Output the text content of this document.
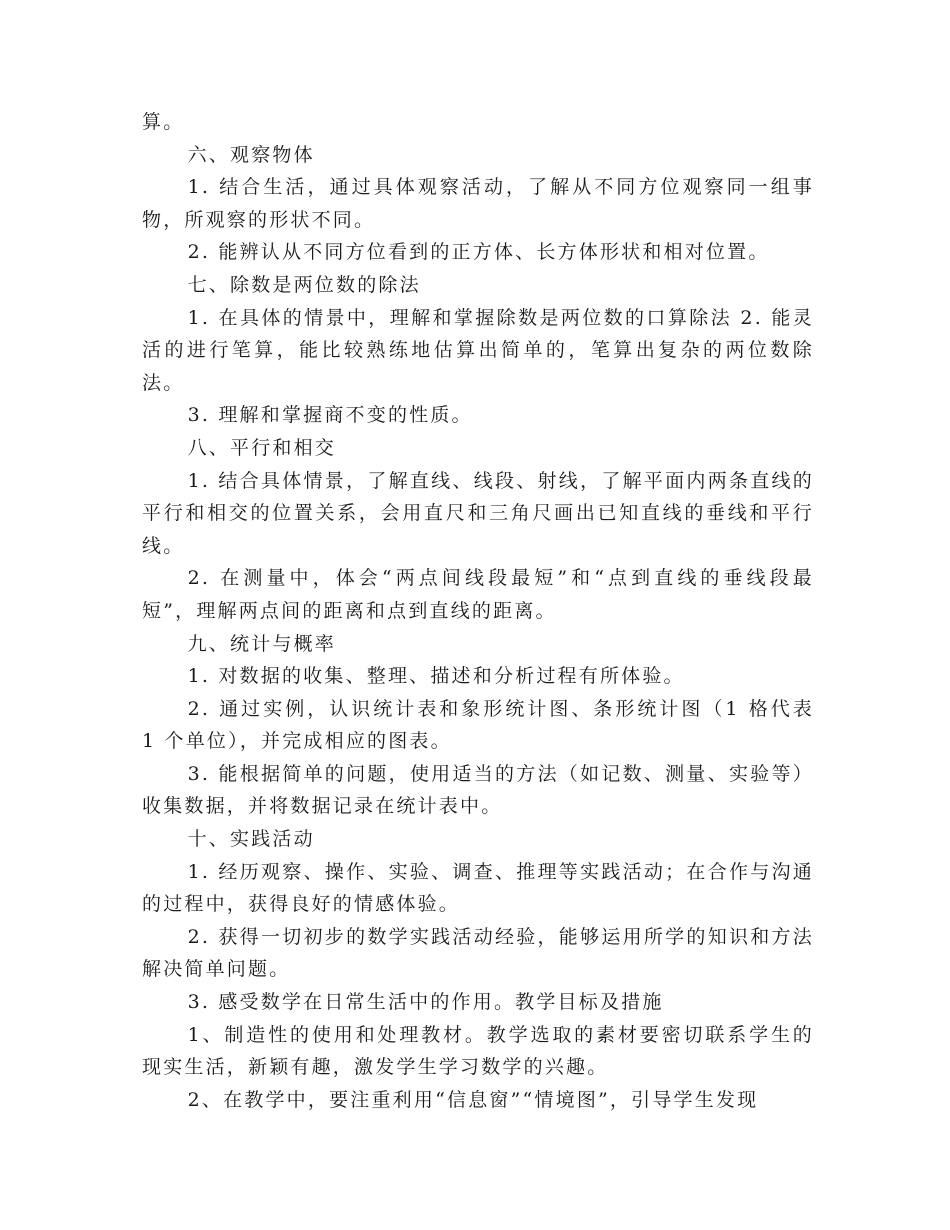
算。

六、观察物体

1. 结合生活，通过具体观察活动，了解从不同方位观察同一组事物，所观察的形状不同。

2. 能辨认从不同方位看到的正方体、长方体形状和相对位置。

七、除数是两位数的除法

1. 在具体的情景中，理解和掌握除数是两位数的口算除法 2. 能灵活的进行笔算，能比较熟练地估算出简单的，笔算出复杂的两位数除法。

3. 理解和掌握商不变的性质。

八、平行和相交

1. 结合具体情景，了解直线、线段、射线，了解平面内两条直线的平行和相交的位置关系，会用直尺和三角尺画出已知直线的垂线和平行线。

2. 在测量中，体会“两点间线段最短”和“点到直线的垂线段最短”，理解两点间的距离和点到直线的距离。

九、统计与概率

1. 对数据的收集、整理、描述和分析过程有所体验。

2. 通过实例，认识统计表和象形统计图、条形统计图（1 格代表 1 个单位），并完成相应的图表。

3. 能根据简单的问题，使用适当的方法（如记数、测量、实验等）收集数据，并将数据记录在统计表中。

十、实践活动

1. 经历观察、操作、实验、调查、推理等实践活动；在合作与沟通的过程中，获得良好的情感体验。

2. 获得一切初步的数学实践活动经验，能够运用所学的知识和方法解决简单问题。

3. 感受数学在日常生活中的作用。教学目标及措施

1、制造性的使用和处理教材。教学选取的素材要密切联系学生的现实生活，新颖有趣，激发学生学习数学的兴趣。

2、在教学中，要注重利用“信息窗”“情境图”，引导学生发现
